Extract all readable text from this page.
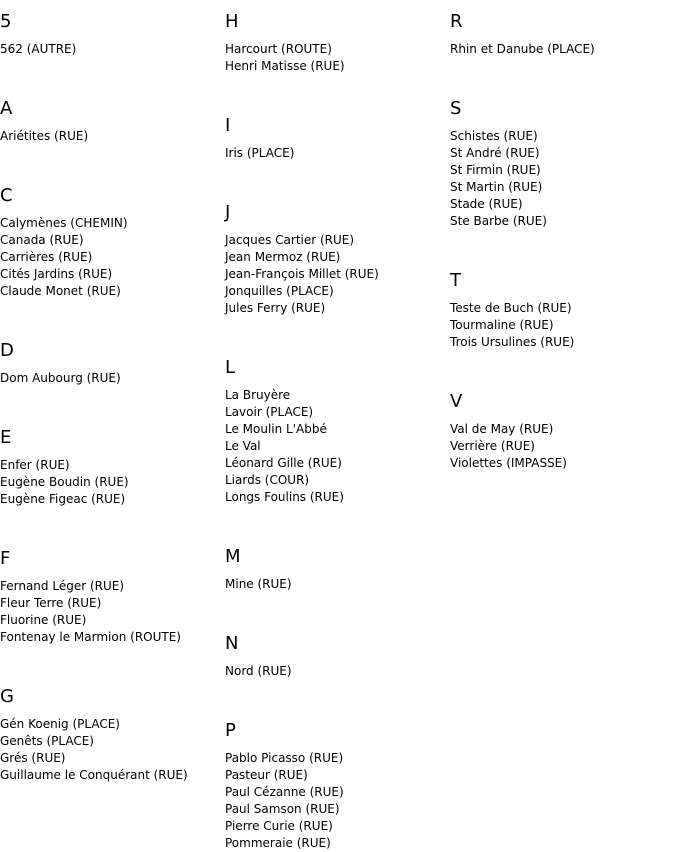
5
562 (AUTRE)
A
Ariétites (RUE)
C
Calymènes (CHEMIN)
Canada (RUE)
Carrières (RUE)
Cités Jardins (RUE)
Claude Monet (RUE)
D
Dom Aubourg (RUE)
E
Enfer (RUE)
Eugène Boudin (RUE)
Eugène Figeac (RUE)
F
Fernand Léger (RUE)
Fleur Terre (RUE)
Fluorine (RUE)
Fontenay le Marmion (ROUTE)
G
Gén Koenig (PLACE)
Genêts (PLACE)
Grés (RUE)
Guillaume le Conquérant (RUE)
H
Harcourt (ROUTE)
Henri Matisse (RUE)
I
Iris (PLACE)
J
Jacques Cartier (RUE)
Jean Mermoz (RUE)
Jean-François Millet (RUE)
Jonquilles (PLACE)
Jules Ferry (RUE)
L
La Bruyère
Lavoir (PLACE)
Le Moulin L'Abbé
Le Val
Léonard Gille (RUE)
Liards (COUR)
Longs Foulins (RUE)
M
Mine (RUE)
N
Nord (RUE)
P
Pablo Picasso (RUE)
Pasteur (RUE)
Paul Cézanne (RUE)
Paul Samson (RUE)
Pierre Curie (RUE)
Pommeraie (RUE)
R
Rhin et Danube (PLACE)
S
Schistes (RUE)
St André (RUE)
St Firmin (RUE)
St Martin (RUE)
Stade (RUE)
Ste Barbe (RUE)
T
Teste de Buch (RUE)
Tourmaline (RUE)
Trois Ursulines (RUE)
V
Val de May (RUE)
Verrière (RUE)
Violettes (IMPASSE)
